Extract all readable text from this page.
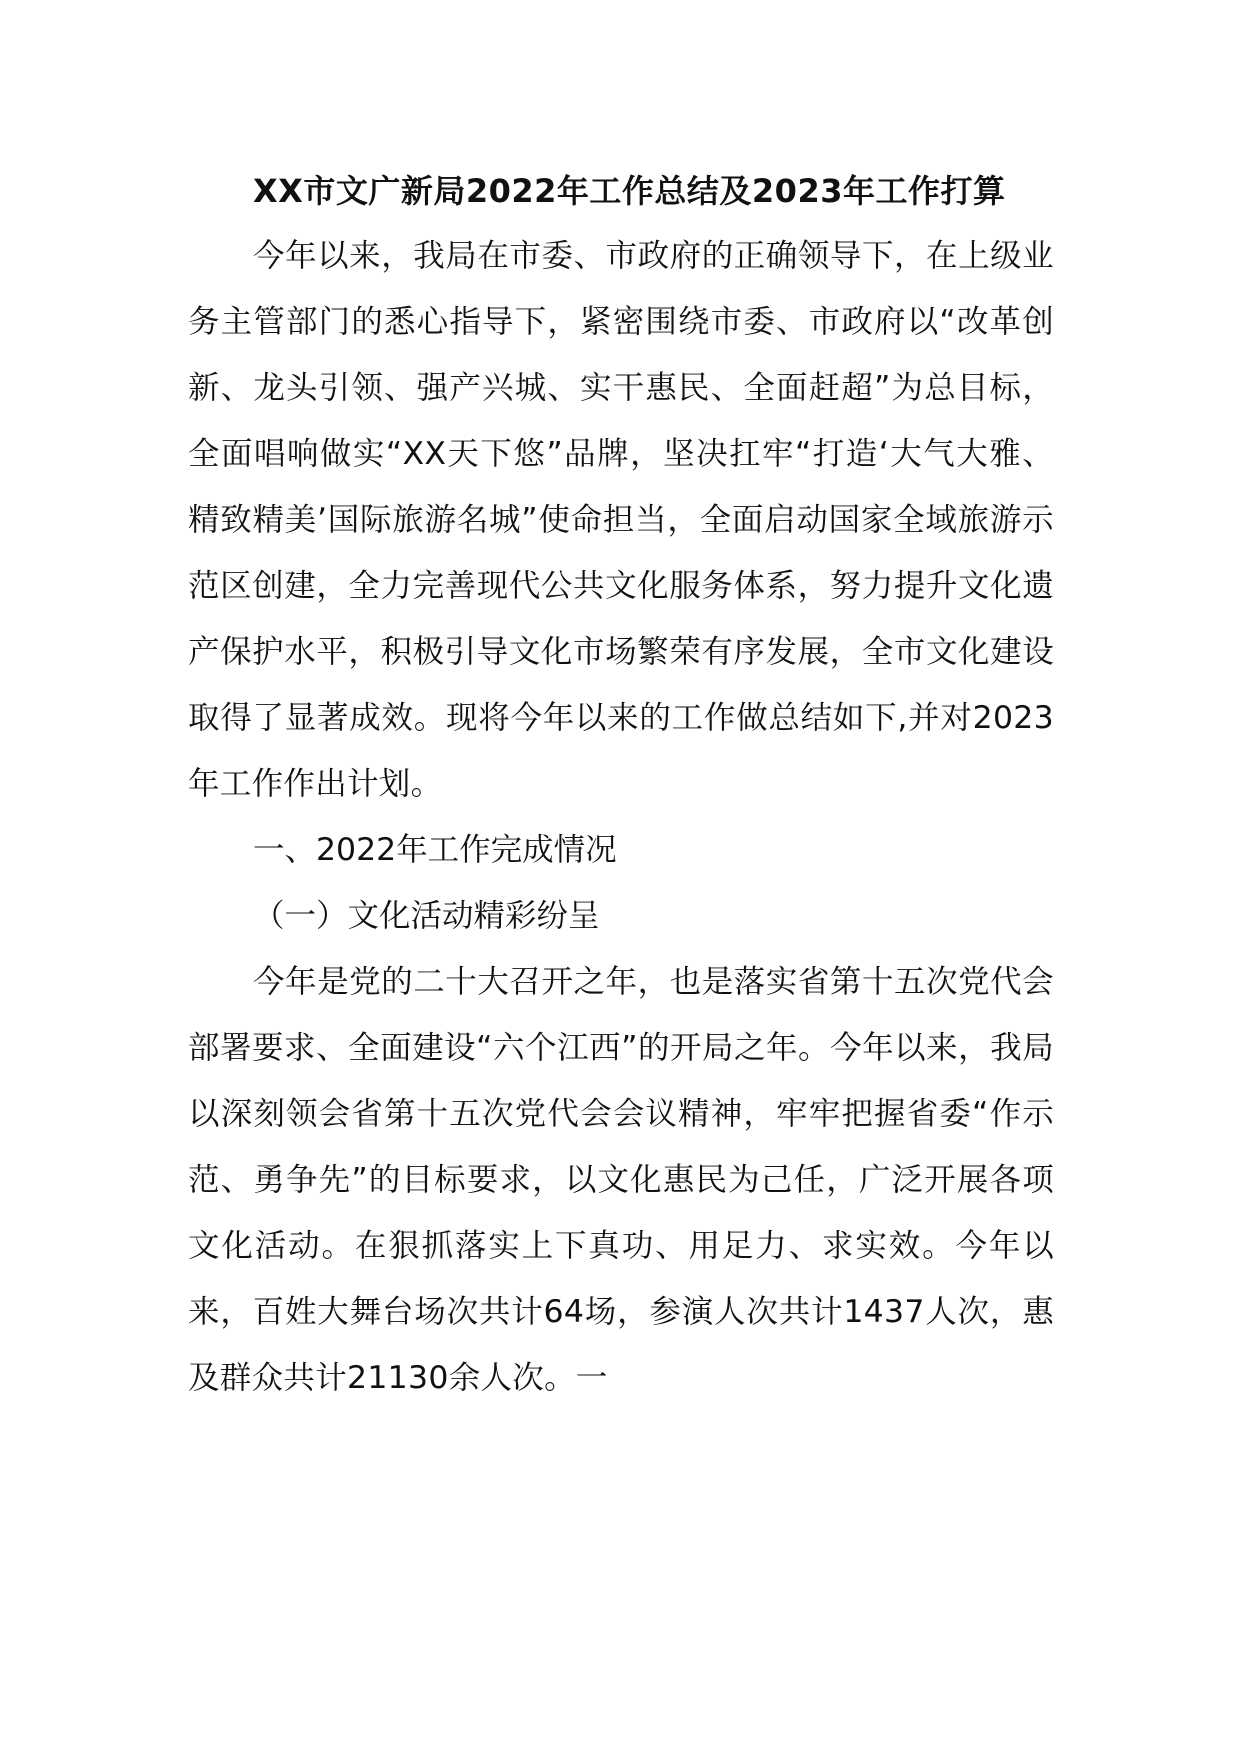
XX市文广新局2022年工作总结及2023年工作打算

今年以来，我局在市委、市政府的正确领导下，在上级业务主管部门的悉心指导下，紧密围绕市委、市政府以“改革创新、龙头引领、强产兴城、实干惠民、全面赶超”为总目标，全面唱响做实“XX天下悠”品牌，坚决扛牢“打造‘大气大雅、精致精美’国际旅游名城”使命担当，全面启动国家全域旅游示范区创建，全力完善现代公共文化服务体系，努力提升文化遗产保护水平，积极引导文化市场繁荣有序发展，全市文化建设取得了显著成效。现将今年以来的工作做总结如下,并对2023年工作作出计划。

一、2022年工作完成情况

（一）文化活动精彩纷呈

今年是党的二十大召开之年，也是落实省第十五次党代会部署要求、全面建设“六个江西”的开局之年。今年以来，我局以深刻领会省第十五次党代会会议精神，牢牢把握省委“作示范、勇争先”的目标要求，以文化惠民为己任，广泛开展各项文化活动。在狠抓落实上下真功、用足力、求实效。今年以来，百姓大舞台场次共计64场，参演人次共计1437人次，惠及群众共计21130余人次。一
